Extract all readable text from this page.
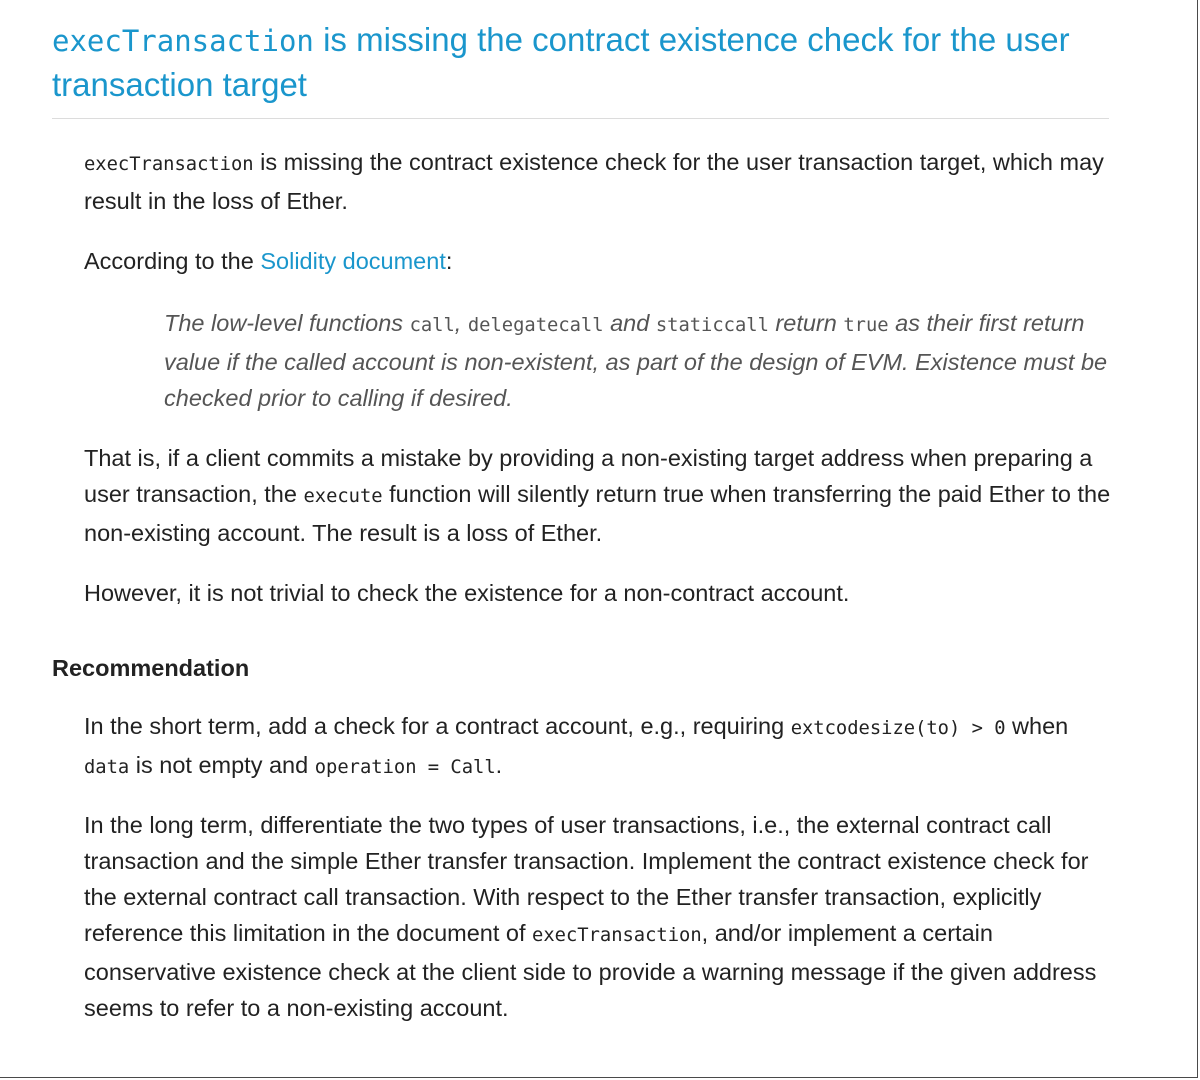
execTransaction is missing the contract existence check for the user transaction target

execTransaction is missing the contract existence check for the user transaction target, which may result in the loss of Ether.

According to the Solidity document:

The low-level functions call, delegatecall and staticcall return true as their first return value if the called account is non-existent, as part of the design of EVM. Existence must be checked prior to calling if desired.

That is, if a client commits a mistake by providing a non-existing target address when preparing a user transaction, the execute function will silently return true when transferring the paid Ether to the non-existing account. The result is a loss of Ether.

However, it is not trivial to check the existence for a non-contract account.

Recommendation

In the short term, add a check for a contract account, e.g., requiring extcodesize(to) > 0 when data is not empty and operation = Call.

In the long term, differentiate the two types of user transactions, i.e., the external contract call transaction and the simple Ether transfer transaction. Implement the contract existence check for the external contract call transaction. With respect to the Ether transfer transaction, explicitly reference this limitation in the document of execTransaction, and/or implement a certain conservative existence check at the client side to provide a warning message if the given address seems to refer to a non-existing account.
